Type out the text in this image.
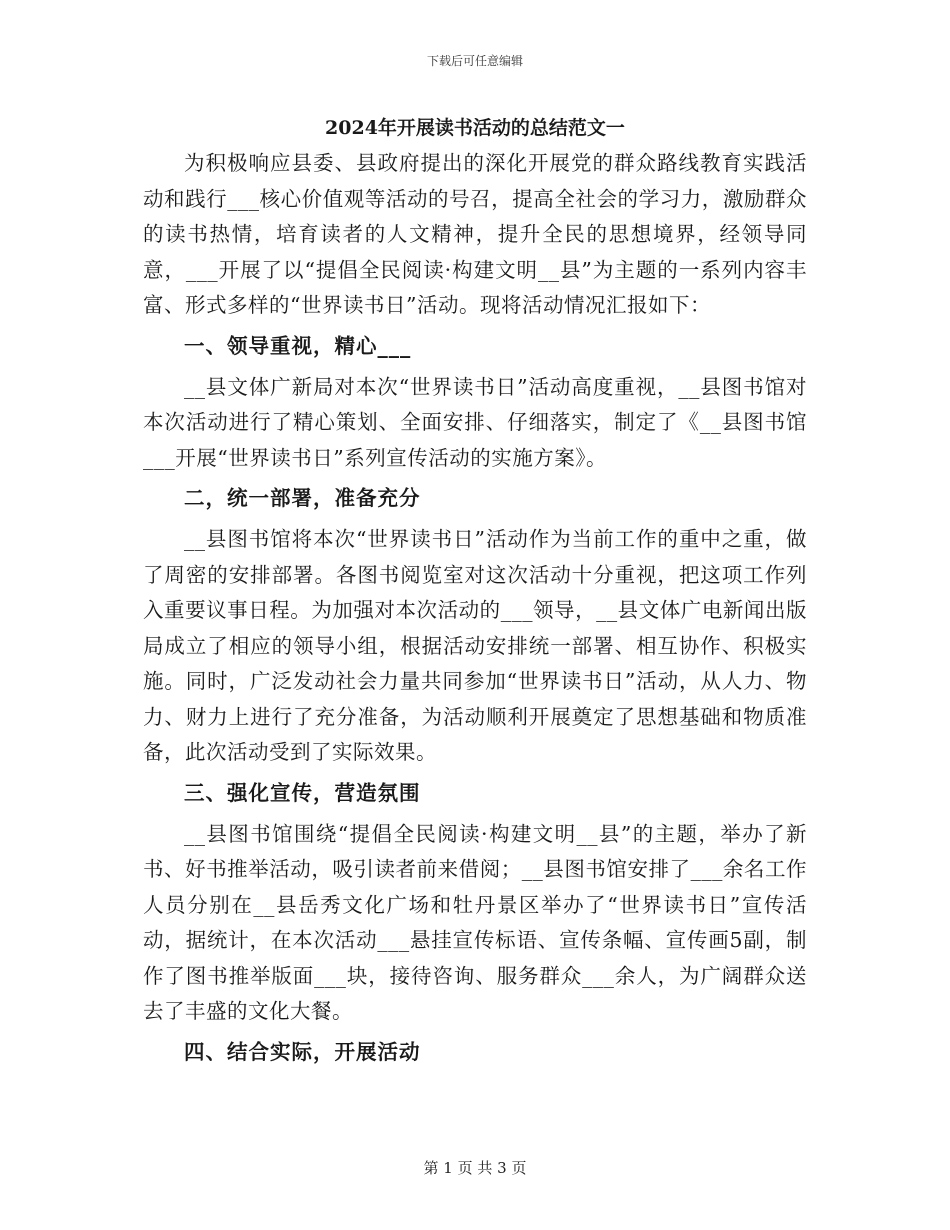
下载后可任意编辑
2024年开展读书活动的总结范文一

为积极响应县委、县政府提出的深化开展党的群众路线教育实践活动和践行___核心价值观等活动的号召，提高全社会的学习力，激励群众的读书热情，培育读者的人文精神，提升全民的思想境界，经领导同意，___开展了以“提倡全民阅读·构建文明__县”为主题的一系列内容丰富、形式多样的“世界读书日”活动。现将活动情况汇报如下：

一、领导重视，精心___

__县文体广新局对本次“世界读书日”活动高度重视，__县图书馆对本次活动进行了精心策划、全面安排、仔细落实，制定了《__县图书馆___开展“世界读书日”系列宣传活动的实施方案》。

二，统一部署，准备充分

__县图书馆将本次“世界读书日”活动作为当前工作的重中之重，做了周密的安排部署。各图书阅览室对这次活动十分重视，把这项工作列入重要议事日程。为加强对本次活动的___领导，__县文体广电新闻出版局成立了相应的领导小组，根据活动安排统一部署、相互协作、积极实施。同时，广泛发动社会力量共同参加“世界读书日”活动，从人力、物力、财力上进行了充分准备，为活动顺利开展奠定了思想基础和物质准备，此次活动受到了实际效果。

三、强化宣传，营造氛围

__县图书馆围绕“提倡全民阅读·构建文明__县”的主题，举办了新书、好书推举活动，吸引读者前来借阅；__县图书馆安排了___余名工作人员分别在__县岳秀文化广场和牡丹景区举办了“世界读书日”宣传活动，据统计，在本次活动___悬挂宣传标语、宣传条幅、宣传画5副，制作了图书推举版面___块，接待咨询、服务群众___余人，为广阔群众送去了丰盛的文化大餐。

四、结合实际，开展活动
第 1 页 共 3 页
